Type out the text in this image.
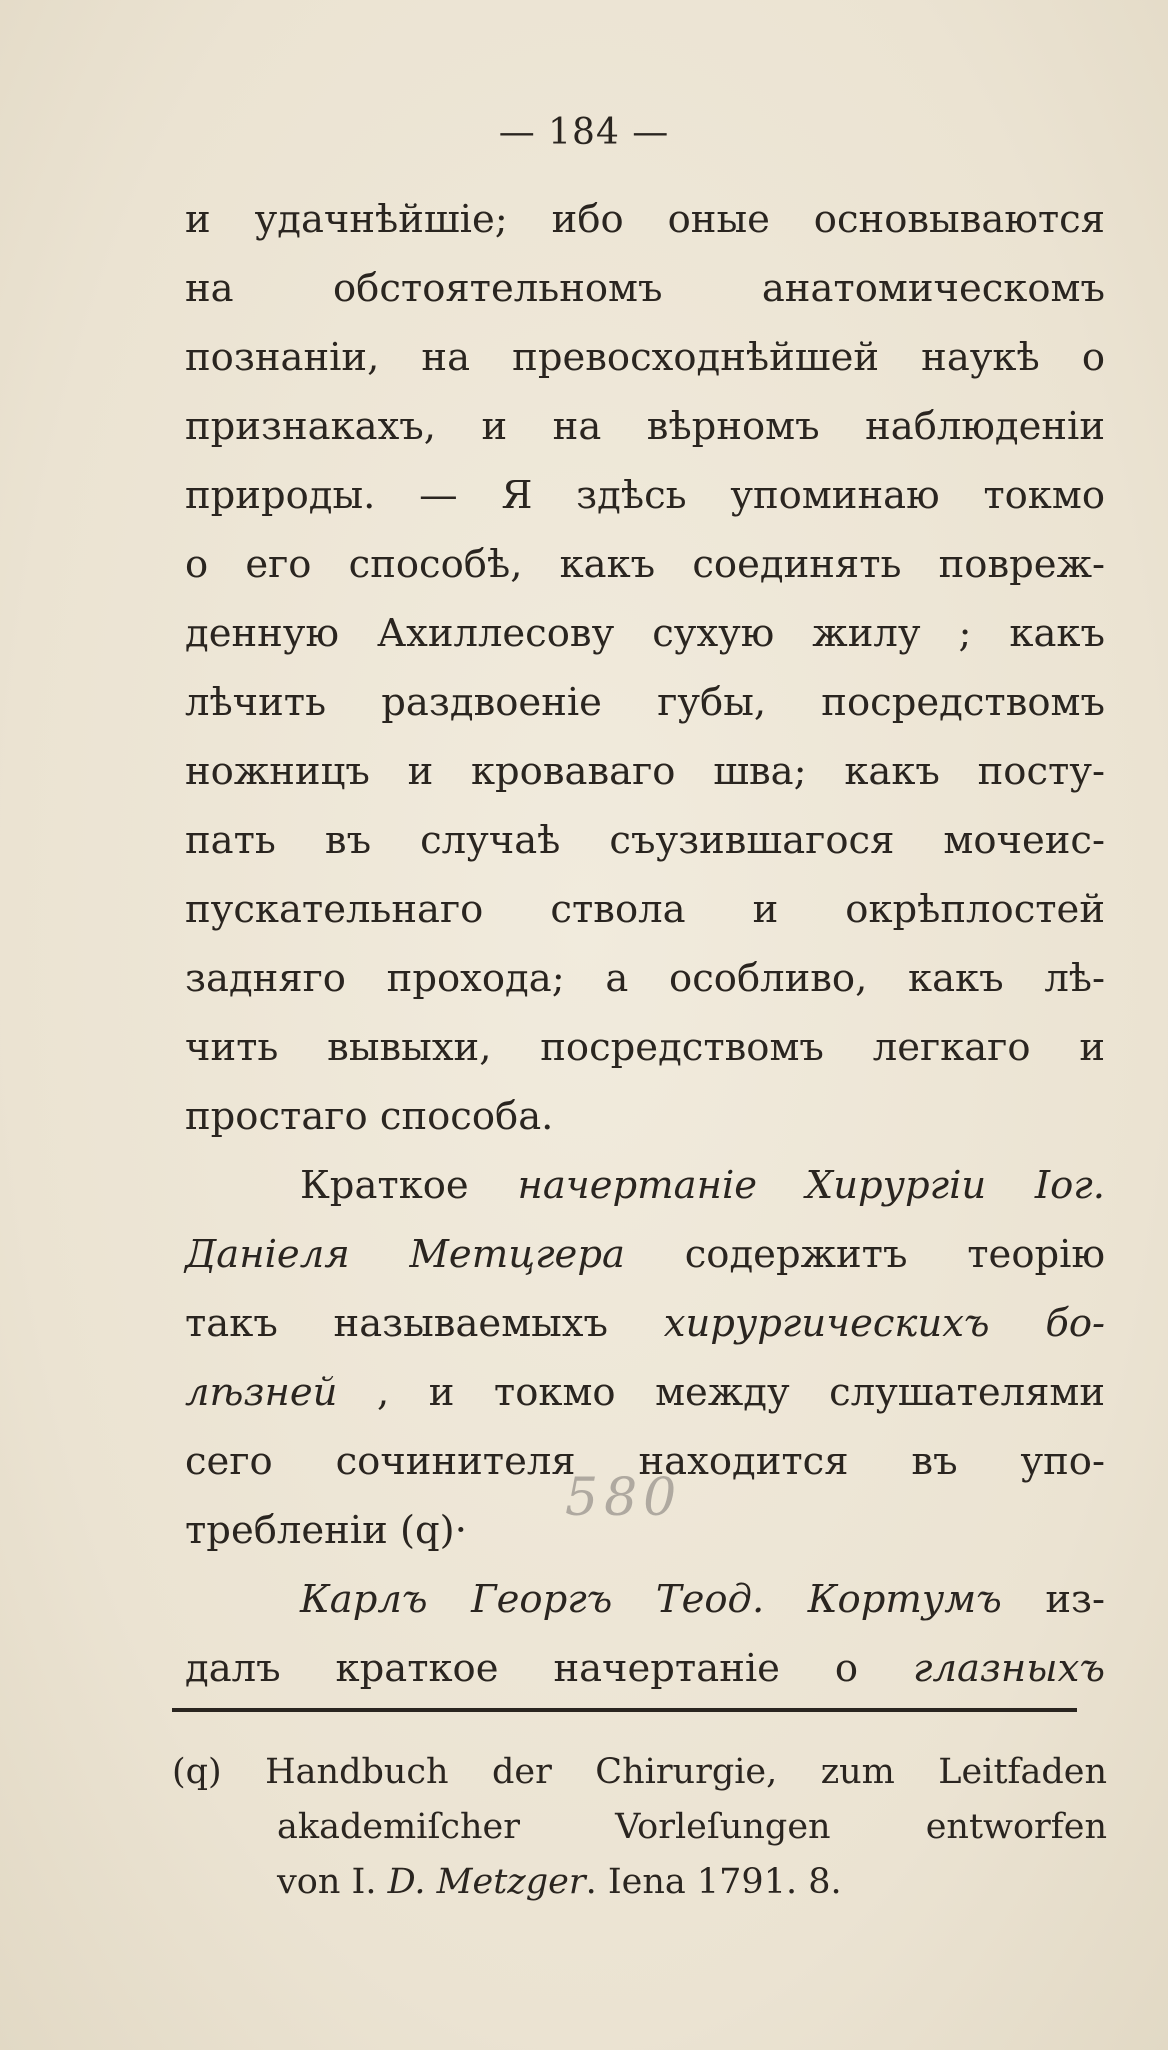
— 184 —
и удачнѣйшіе; ибо оные основываются
на обстоятельномъ анатомическомъ
познаніи, на превосходнѣйшей наукѣ о
признакахъ, и на вѣрномъ наблюденіи
природы. — Я здѣсь упоминаю токмо
о его способѣ, какъ соединять повреж-
денную Ахиллесову сухую жилу ; какъ
лѣчить раздвоеніе губы, посредствомъ
ножницъ и кроваваго шва; какъ посту-
пать въ случаѣ съузившагося мочеис-
пускательнаго ствола и окрѣплостей
задняго прохода; а особливо, какъ лѣ-
чить вывыхи, посредствомъ легкаго и
простаго способа.
Краткое начертаніе Хирургіи Іог.
Даніеля Метцгера содержитъ теорію
такъ называемыхъ хирургическихъ бо-
лѣзней , и токмо между слушателями
сего сочинителя находится въ упо-
требленіи (q)·
Карлъ Георгъ Теод. Кортумъ из-
далъ краткое начертаніе о глазныхъ
580
(q) Handbuch der Chirurgie, zum Leitfaden
akademiſcher Vorleſungen entworfen
von I. D. Metzger. Iena 1791. 8.
